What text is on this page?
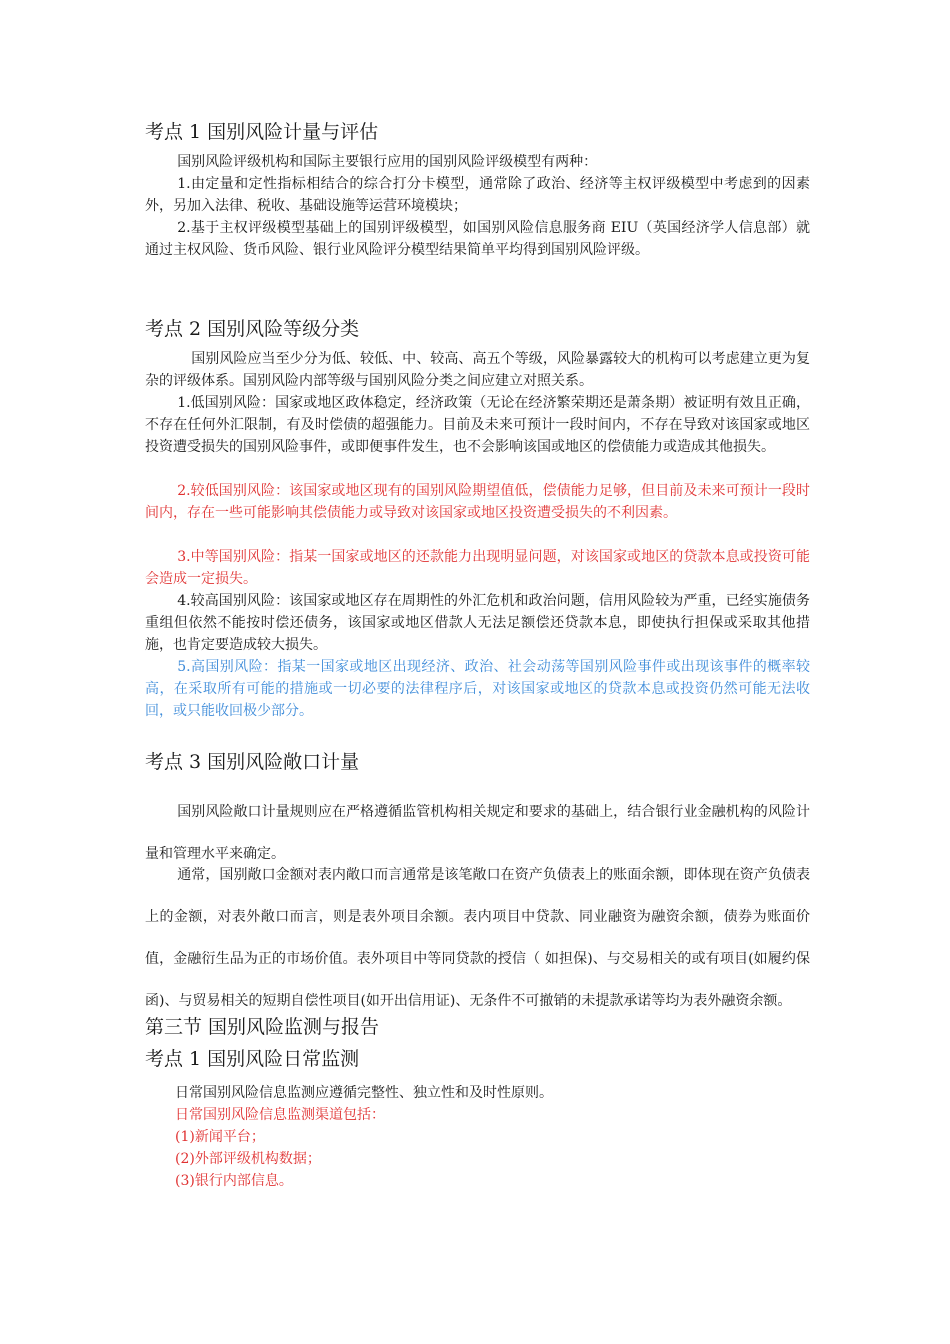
考点 1 国别风险计量与评估

国别风险评级机构和国际主要银行应用的国别风险评级模型有两种：

1.由定量和定性指标相结合的综合打分卡模型，通常除了政治、经济等主权评级模型中考虑到的因素外，另加入法律、税收、基础设施等运营环境模块；

2.基于主权评级模型基础上的国别评级模型，如国别风险信息服务商 EIU（英国经济学人信息部）就通过主权风险、货币风险、银行业风险评分模型结果简单平均得到国别风险评级。

考点 2 国别风险等级分类

国别风险应当至少分为低、较低、中、较高、高五个等级，风险暴露较大的机构可以考虑建立更为复杂的评级体系。国别风险内部等级与国别风险分类之间应建立对照关系。

1.低国别风险：国家或地区政体稳定，经济政策（无论在经济繁荣期还是萧条期）被证明有效且正确，不存在任何外汇限制，有及时偿债的超强能力。目前及未来可预计一段时间内，不存在导致对该国家或地区投资遭受损失的国别风险事件，或即便事件发生，也不会影响该国或地区的偿债能力或造成其他损失。

2.较低国别风险：该国家或地区现有的国别风险期望值低，偿债能力足够，但目前及未来可预计一段时间内，存在一些可能影响其偿债能力或导致对该国家或地区投资遭受损失的不利因素。

3.中等国别风险：指某一国家或地区的还款能力出现明显问题，对该国家或地区的贷款本息或投资可能会造成一定损失。

4.较高国别风险：该国家或地区存在周期性的外汇危机和政治问题，信用风险较为严重，已经实施债务重组但依然不能按时偿还债务，该国家或地区借款人无法足额偿还贷款本息，即使执行担保或采取其他措施，也肯定要造成较大损失。

5.高国别风险：指某一国家或地区出现经济、政治、社会动荡等国别风险事件或出现该事件的概率较高，在采取所有可能的措施或一切必要的法律程序后，对该国家或地区的贷款本息或投资仍然可能无法收回，或只能收回极少部分。

考点 3 国别风险敞口计量

国别风险敞口计量规则应在严格遵循监管机构相关规定和要求的基础上，结合银行业金融机构的风险计量和管理水平来确定。

通常，国别敞口金额对表内敞口而言通常是该笔敞口在资产负债表上的账面余额，即体现在资产负债表上的金额，对表外敞口而言，则是表外项目余额。表内项目中贷款、同业融资为融资余额，债券为账面价值，金融衍生品为正的市场价值。表外项目中等同贷款的授信（ 如担保)、与交易相关的或有项目(如履约保函)、与贸易相关的短期自偿性项目(如开出信用证)、无条件不可撤销的未提款承诺等均为表外融资余额。

第三节 国别风险监测与报告
考点 1 国别风险日常监测
日常国别风险信息监测应遵循完整性、独立性和及时性原则。
日常国别风险信息监测渠道包括：
(1)新闻平台；
(2)外部评级机构数据；
(3)银行内部信息。
